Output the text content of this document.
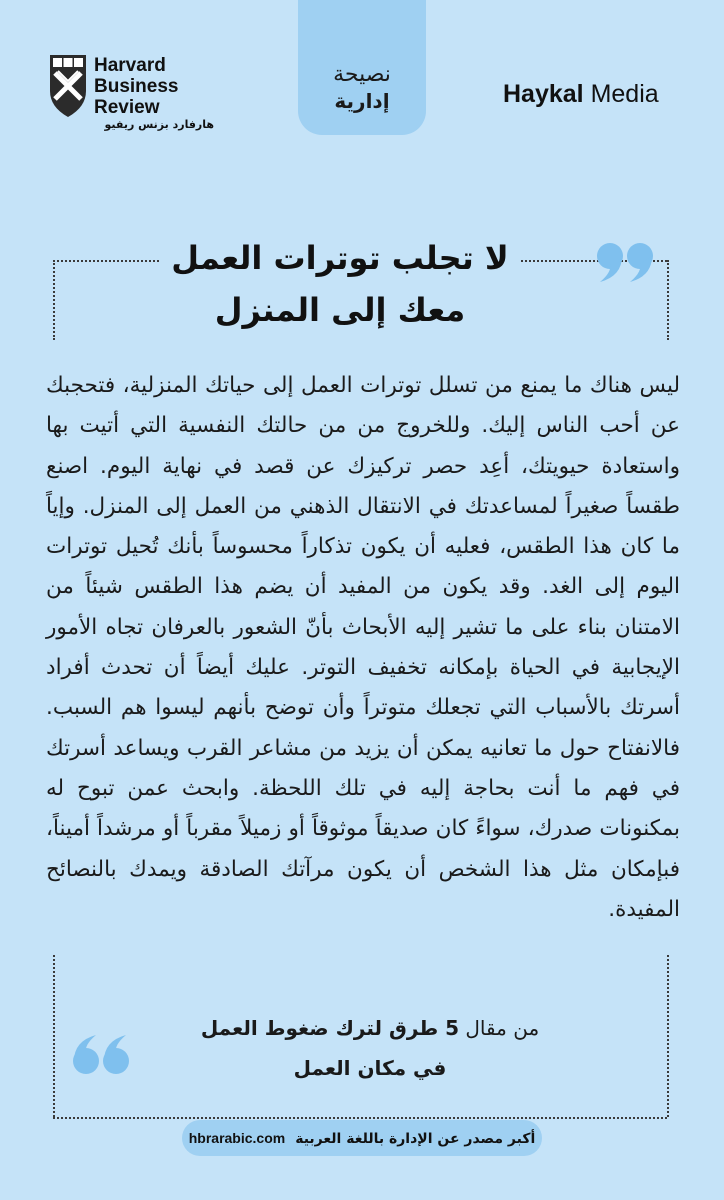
Harvard
Business
Review
هارفارد بزنس ريفيو
نصيحة
إدارية	Haykal Media
لا تجلب توترات العمل
معك إلى المنزل
ليس هناك ما يمنع من تسلل توترات العمل إلى حياتك المنزلية، فتحجبك عن أحب الناس إليك. وللخروج من من حالتك النفسية التي أتيت بها واستعادة حيويتك، أعِد حصر تركيزك عن قصد في نهاية اليوم. اصنع طقساً صغيراً لمساعدتك في الانتقال الذهني من العمل إلى المنزل. وإياً ما كان هذا الطقس، فعليه أن يكون تذكاراً محسوساً بأنك تُحيل توترات اليوم إلى الغد. وقد يكون من المفيد أن يضم هذا الطقس شيئاً من الامتنان بناء على ما تشير إليه الأبحاث بأنّ الشعور بالعرفان تجاه الأمور الإيجابية في الحياة بإمكانه تخفيف التوتر. عليك أيضاً أن تحدث أفراد أسرتك بالأسباب التي تجعلك متوتراً وأن توضح بأنهم ليسوا هم السبب. فالانفتاح حول ما تعانيه يمكن أن يزيد من مشاعر القرب ويساعد أسرتك في فهم ما أنت بحاجة إليه في تلك اللحظة. وابحث عمن تبوح له بمكنونات صدرك، سواءً كان صديقاً موثوقاً أو زميلاً مقرباً أو مرشداً أميناً، فبإمكان مثل هذا الشخص أن يكون مرآتك الصادقة ويمدك بالنصائح المفيدة.
من مقال 5 طرق لترك ضغوط العمل في مكان العمل
أكبر مصدر عن الإدارة باللغة العربيةhbrarabic.com
